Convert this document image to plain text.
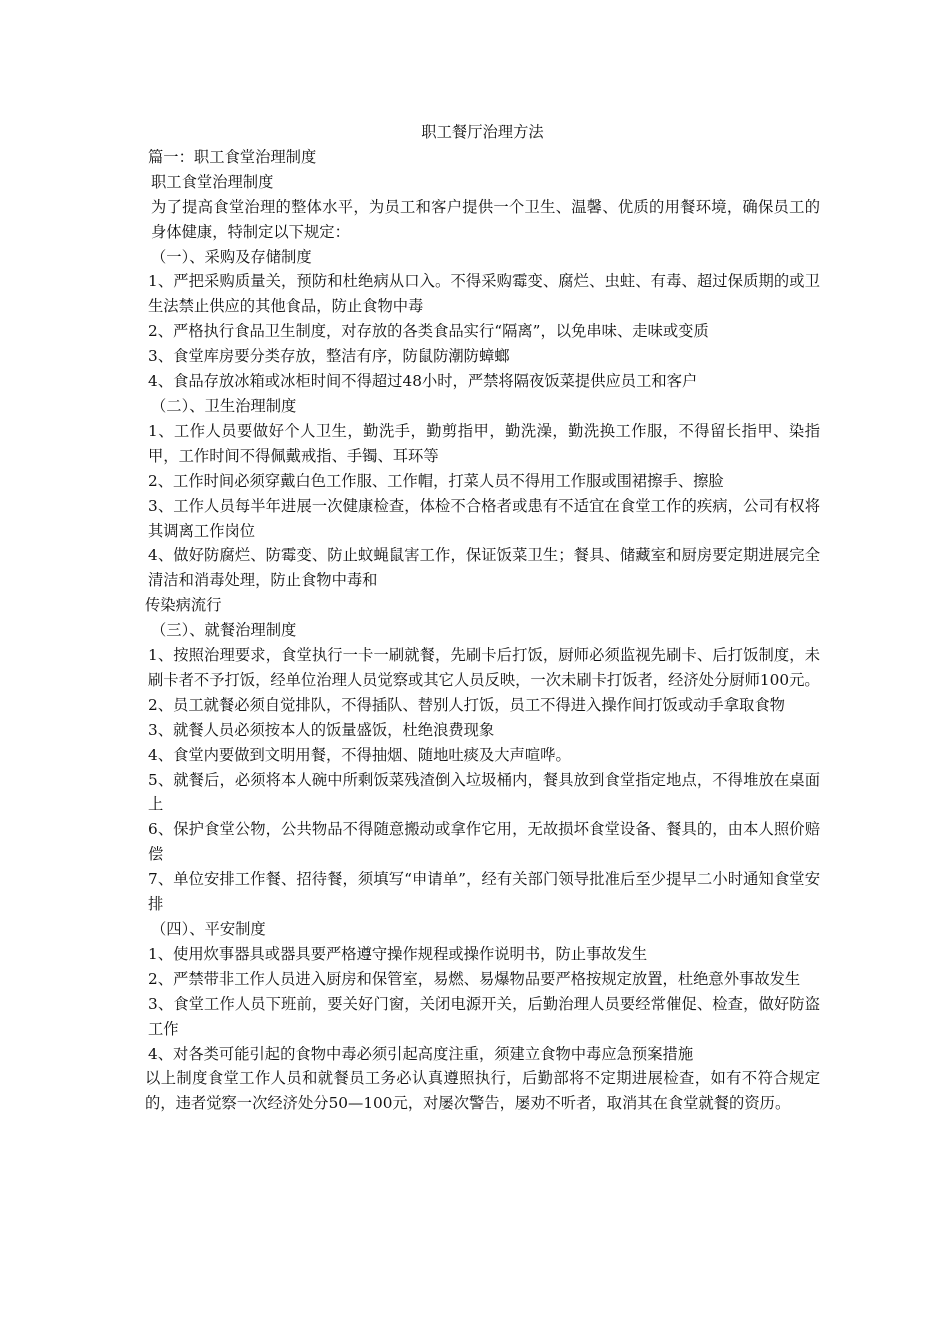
职工餐厅治理方法

篇一：职工食堂治理制度

职工食堂治理制度

为了提高食堂治理的整体水平，为员工和客户提供一个卫生、温馨、优质的用餐环境，确保员工的身体健康，特制定以下规定：

（一）、采购及存储制度

1、严把采购质量关，预防和杜绝病从口入。不得采购霉变、腐烂、虫蛀、有毒、超过保质期的或卫生法禁止供应的其他食品，防止食物中毒

2、严格执行食品卫生制度，对存放的各类食品实行“隔离”，以免串味、走味或变质

3、食堂库房要分类存放，整洁有序，防鼠防潮防蟑螂

4、食品存放冰箱或冰柜时间不得超过48小时，严禁将隔夜饭菜提供应员工和客户

（二）、卫生治理制度

1、工作人员要做好个人卫生，勤洗手，勤剪指甲，勤洗澡，勤洗换工作服，不得留长指甲、染指甲，工作时间不得佩戴戒指、手镯、耳环等

2、工作时间必须穿戴白色工作服、工作帽，打菜人员不得用工作服或围裙擦手、擦脸

3、工作人员每半年进展一次健康检查，体检不合格者或患有不适宜在食堂工作的疾病，公司有权将其调离工作岗位

4、做好防腐烂、防霉变、防止蚊蝇鼠害工作，保证饭菜卫生；餐具、储藏室和厨房要定期进展完全清洁和消毒处理，防止食物中毒和

传染病流行

（三）、就餐治理制度

1、按照治理要求，食堂执行一卡一刷就餐，先刷卡后打饭，厨师必须监视先刷卡、后打饭制度，未刷卡者不予打饭，经单位治理人员觉察或其它人员反映，一次未刷卡打饭者，经济处分厨师100元。

2、员工就餐必须自觉排队，不得插队、替别人打饭，员工不得进入操作间打饭或动手拿取食物

3、就餐人员必须按本人的饭量盛饭，杜绝浪费现象

4、食堂内要做到文明用餐，不得抽烟、随地吐痰及大声喧哗。

5、就餐后，必须将本人碗中所剩饭菜残渣倒入垃圾桶内，餐具放到食堂指定地点，不得堆放在桌面上

6、保护食堂公物，公共物品不得随意搬动或拿作它用，无故损坏食堂设备、餐具的，由本人照价赔偿

7、单位安排工作餐、招待餐，须填写“申请单”，经有关部门领导批准后至少提早二小时通知食堂安排

（四）、平安制度

1、使用炊事器具或器具要严格遵守操作规程或操作说明书，防止事故发生

2、严禁带非工作人员进入厨房和保管室，易燃、易爆物品要严格按规定放置，杜绝意外事故发生

3、食堂工作人员下班前，要关好门窗，关闭电源开关，后勤治理人员要经常催促、检查，做好防盗工作

4、对各类可能引起的食物中毒必须引起高度注重，须建立食物中毒应急预案措施

以上制度食堂工作人员和就餐员工务必认真遵照执行，后勤部将不定期进展检查，如有不符合规定的，违者觉察一次经济处分50—100元，对屡次警告，屡劝不听者，取消其在食堂就餐的资历。
